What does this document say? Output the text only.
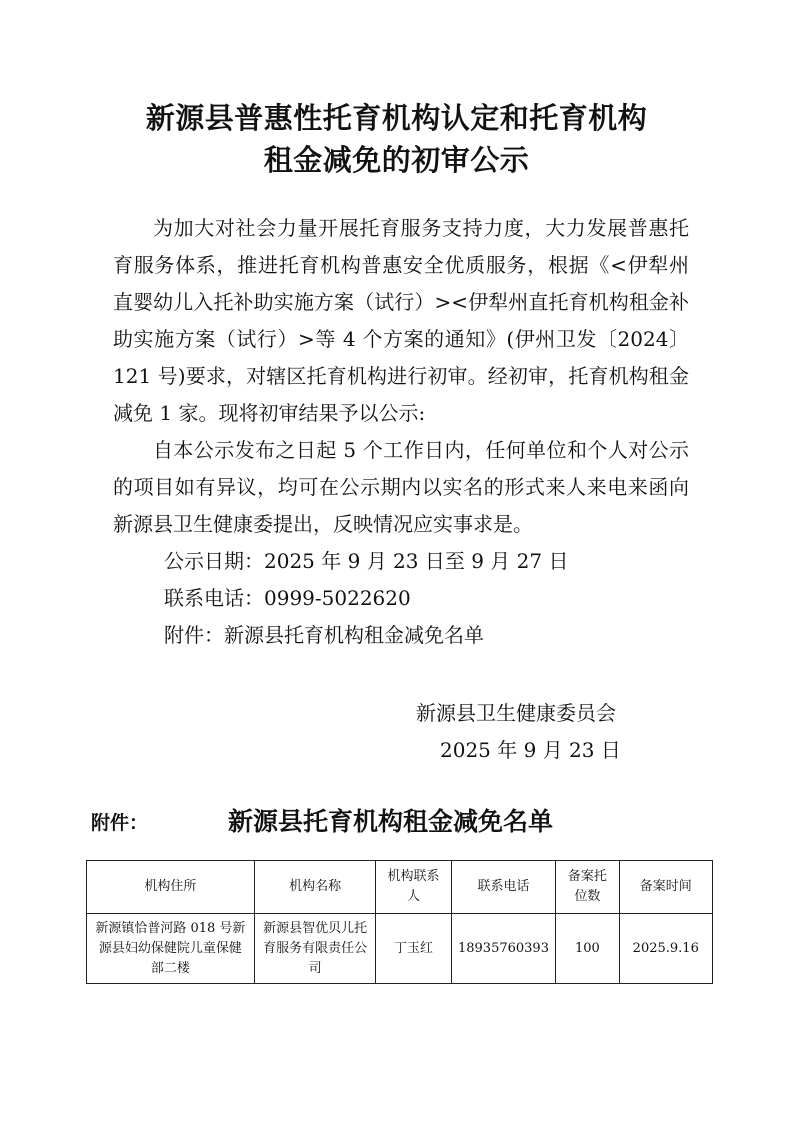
新源县普惠性托育机构认定和托育机构
租金减免的初审公示

为加大对社会力量开展托育服务支持力度，大力发展普惠托育服务体系，推进托育机构普惠安全优质服务，根据《<伊犁州直婴幼儿入托补助实施方案（试行）><伊犁州直托育机构租金补助实施方案（试行）>等 4 个方案的通知》(伊州卫发〔2024〕121 号)要求，对辖区托育机构进行初审。经初审，托育机构租金减免 1 家。现将初审结果予以公示:

自本公示发布之日起 5 个工作日内，任何单位和个人对公示的项目如有异议，均可在公示期内以实名的形式来人来电来函向新源县卫生健康委提出，反映情况应实事求是。

公示日期：2025 年 9 月 23 日至 9 月 27 日
联系电话：0999-5022620
附件：新源县托育机构租金减免名单
新源县卫生健康委员会
2025 年 9 月 23 日
附件：	新源县托育机构租金减免名单
机构住所	机构名称	机构联系人	联系电话	备案托位数	备案时间
新源镇恰普河路 018 号新源县妇幼保健院儿童保健部二楼	新源县智优贝儿托育服务有限责任公司	丁玉红	18935760393	100	2025.9.16
